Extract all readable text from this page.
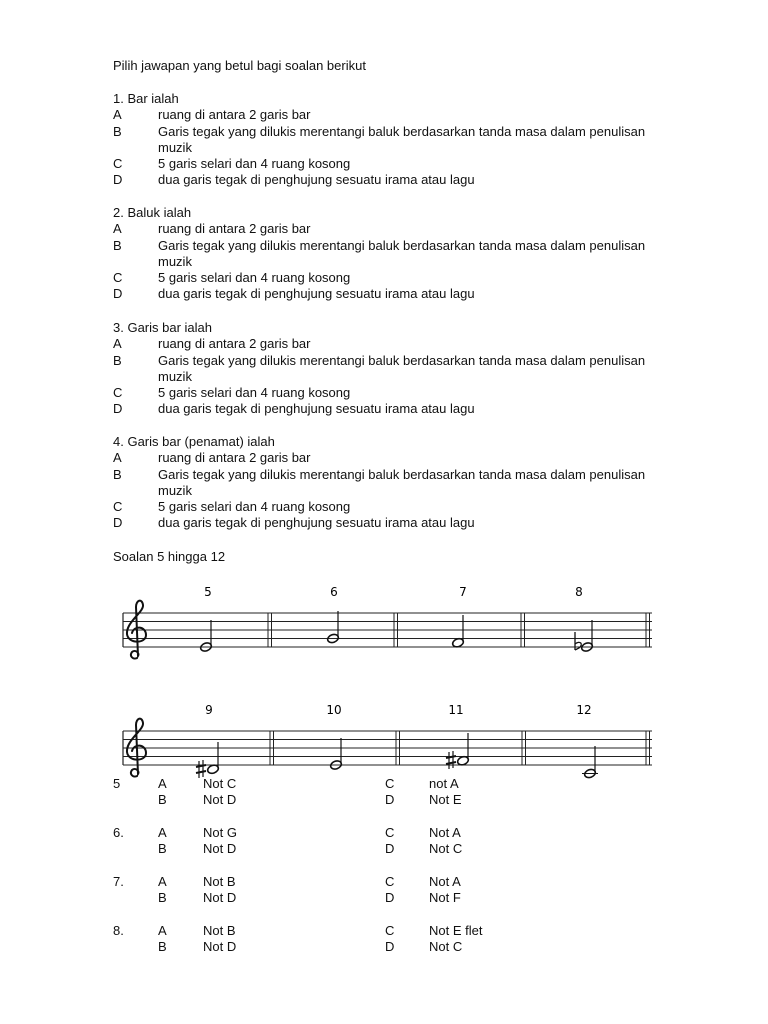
Pilih jawapan yang betul bagi soalan berikut
1. Bar ialah
A	ruang di antara 2 garis bar
B	Garis tegak yang dilukis merentangi baluk berdasarkan tanda masa dalam penulisan muzik
C	5 garis selari dan 4 ruang kosong
D	dua garis tegak di penghujung sesuatu irama atau lagu
2. Baluk ialah
A	ruang di antara 2 garis bar
B	Garis tegak yang dilukis merentangi baluk berdasarkan tanda masa dalam penulisan muzik
C	5 garis selari dan 4 ruang kosong
D	dua garis tegak di penghujung sesuatu irama atau lagu
3. Garis bar ialah
A	ruang di antara 2 garis bar
B	Garis tegak yang dilukis merentangi baluk berdasarkan tanda masa dalam penulisan muzik
C	5 garis selari dan 4 ruang kosong
D	dua garis tegak di penghujung sesuatu irama atau lagu
4. Garis bar (penamat) ialah
A	ruang di antara 2 garis bar
B	Garis tegak yang dilukis merentangi baluk berdasarkan tanda masa dalam penulisan muzik
C	5 garis selari dan 4 ruang kosong
D	dua garis tegak di penghujung sesuatu irama atau lagu
Soalan 5 hingga 12
5	6	7	8
9	10	11	12
5	A	Not C	C	not A
B	Not D	D	Not E
6.	A	Not G	C	Not A
B	Not D	D	Not C
7.	A	Not B	C	Not A
B	Not D	D	Not F
8.	A	Not B	C	Not E flet
B	Not D	D	Not C
